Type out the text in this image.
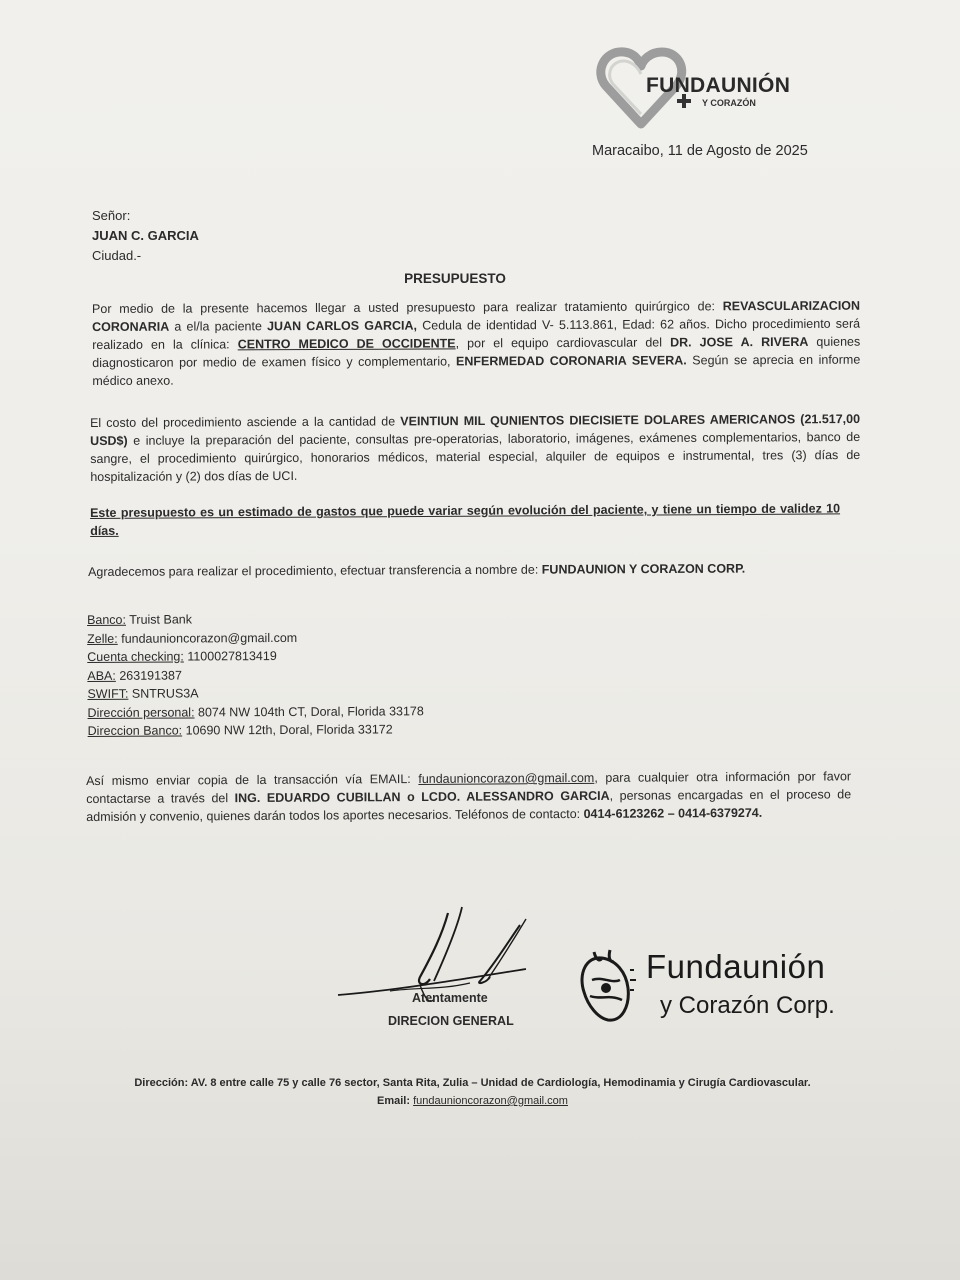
FUNDAUNIÓN
Y CORAZÓN
Maracaibo, 11 de Agosto de 2025
Señor:
JUAN C. GARCIA
Ciudad.-
PRESUPUESTO
Por medio de la presente hacemos llegar a usted presupuesto para realizar tratamiento quirúrgico de: REVASCULARIZACION CORONARIA a el/la paciente JUAN CARLOS GARCIA, Cedula de identidad V- 5.113.861, Edad: 62 años. Dicho procedimiento será realizado en la clínica: CENTRO MEDICO DE OCCIDENTE, por el equipo cardiovascular del DR. JOSE A. RIVERA quienes diagnosticaron por medio de examen físico y complementario, ENFERMEDAD CORONARIA SEVERA. Según se aprecia en informe médico anexo.
El costo del procedimiento asciende a la cantidad de VEINTIUN MIL QUNIENTOS DIECISIETE DOLARES AMERICANOS (21.517,00 USD$) e incluye la preparación del paciente, consultas pre-operatorias, laboratorio, imágenes, exámenes complementarios, banco de sangre, el procedimiento quirúrgico, honorarios médicos, material especial, alquiler de equipos e instrumental, tres (3) días de hospitalización y (2) dos días de UCI.
Este presupuesto es un estimado de gastos que puede variar según evolución del paciente, y tiene un tiempo de validez 10 días.
Agradecemos para realizar el procedimiento, efectuar transferencia a nombre de: FUNDAUNION Y CORAZON CORP.
Banco: Truist Bank
Zelle: fundaunioncorazon@gmail.com
Cuenta checking: 1100027813419
ABA: 263191387
SWIFT: SNTRUS3A
Dirección personal: 8074 NW 104th CT, Doral, Florida 33178
Direccion Banco: 10690 NW 12th, Doral, Florida 33172
Así mismo enviar copia de la transacción vía EMAIL: fundaunioncorazon@gmail.com, para cualquier otra información por favor contactarse a través del ING. EDUARDO CUBILLAN o LCDO. ALESSANDRO GARCIA, personas encargadas en el proceso de admisión y convenio, quienes darán todos los aportes necesarios. Teléfonos de contacto: 0414-6123262 – 0414-6379274.
Atentamente
DIRECION GENERAL
Fundaunión
y Corazón Corp.
Dirección: AV. 8 entre calle 75 y calle 76 sector, Santa Rita, Zulia – Unidad de Cardiología, Hemodinamia y Cirugía Cardiovascular.
Email: fundaunioncorazon@gmail.com
